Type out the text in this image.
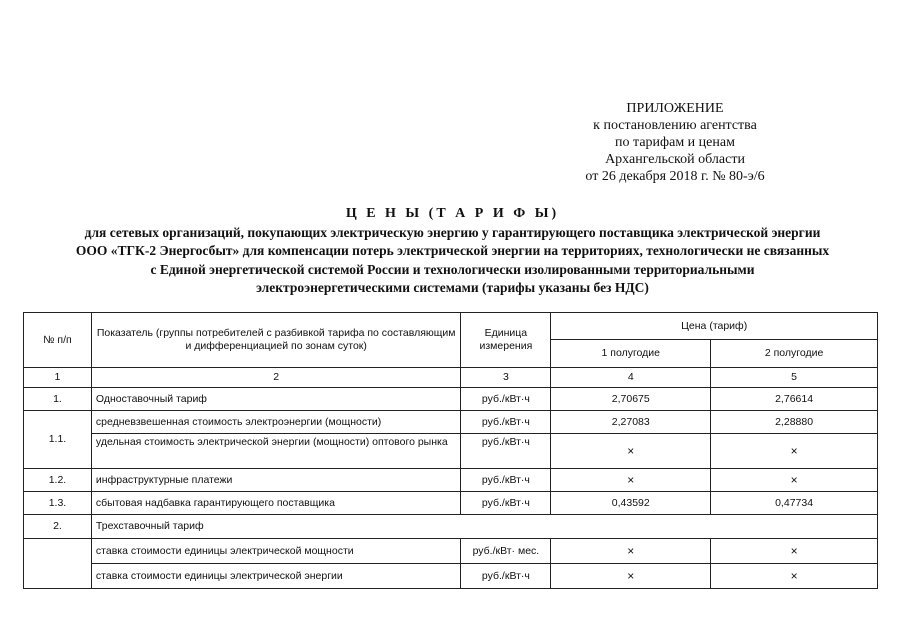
ПРИЛОЖЕНИЕ
к постановлению агентства
по тарифам и ценам
Архангельской области
от 26 декабря 2018 г. № 80-э/6
Ц Е Н Ы (Т А Р И Ф Ы)
для сетевых организаций, покупающих электрическую энергию у гарантирующего поставщика электрической энергии
ООО «ТГК-2 Энергосбыт» для компенсации потерь электрической энергии на территориях, технологически не связанных
с Единой энергетической системой России и технологически изолированными территориальными
электроэнергетическими системами (тарифы указаны без НДС)
№ п/п	Показатель (группы потребителей с разбивкой тарифа по составляющим и дифференциацией по зонам суток)	Единица измерения	Цена (тариф)	
			1 полугодие	2 полугодие
1	2	3	4	5
1.	Одноставочный тариф	руб./кВт·ч	2,70675	2,76614
1.1.	средневзвешенная стоимость электроэнергии (мощности)	руб./кВт·ч	2,27083	2,28880
	удельная стоимость электрической энергии (мощности) оптового рынка	руб./кВт·ч	×	×
1.2.	инфраструктурные платежи	руб./кВт·ч	×	×
1.3.	сбытовая надбавка гарантирующего поставщика	руб./кВт·ч	0,43592	0,47734
2.	Трехставочный тариф			
	ставка стоимости единицы электрической мощности	руб./кВт· мес.	×	×
	ставка стоимости единицы электрической энергии	руб./кВт·ч	×	×
